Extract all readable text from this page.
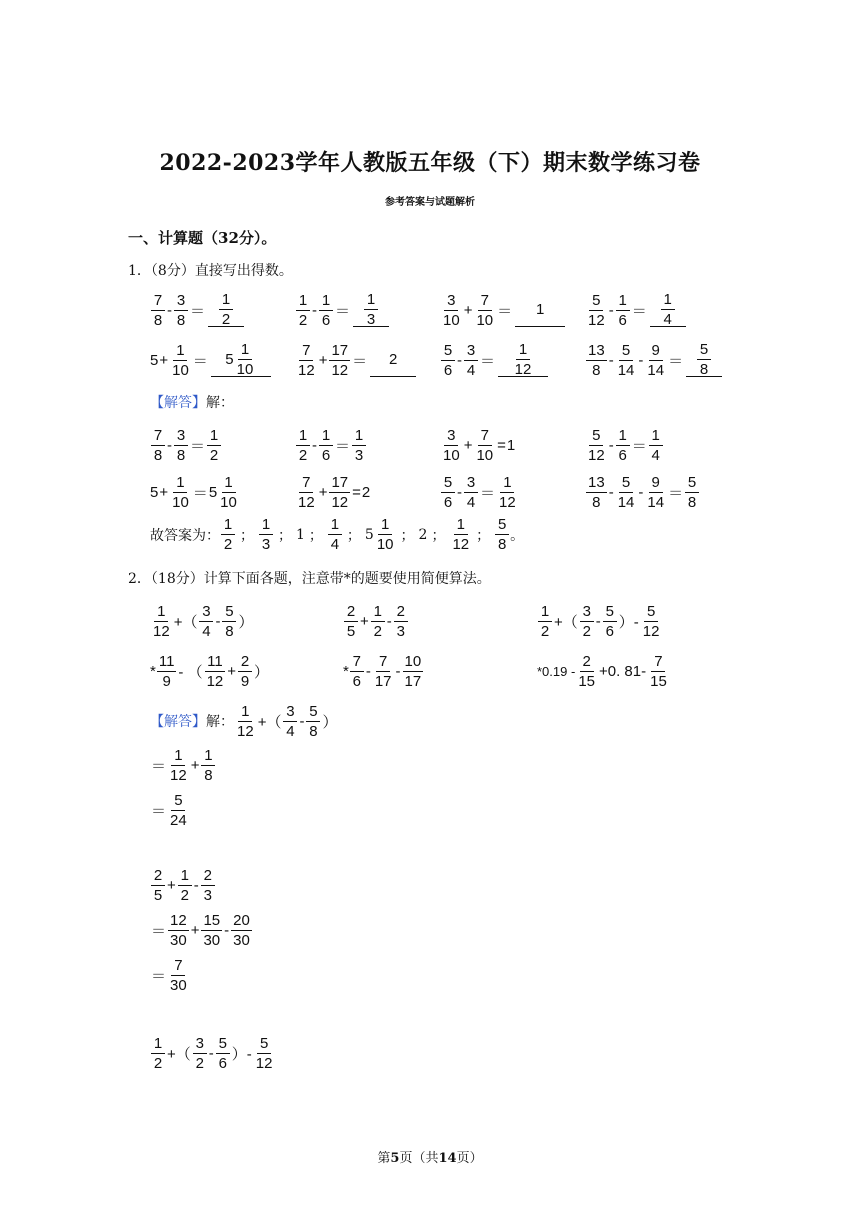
2022-2023学年人教版五年级（下）期末数学练习卷
参考答案与试题解析
一、计算题（32分）。
1．（8分）直接写出得数。
7
8
-
3
8
＝
1
2
1
2
-
1
6
＝
1
3
3
10
+ $\frac{7}{10} = 1$
5
12
-
1
6
＝
1
4
$5 + \frac{1}{10} = 5$
1
10
7
12
+ $\frac{17}{12} = 2$
5
6
-
3
4
＝
1
12
13
8
-
5
14
-
9
14
＝
5
8
【解答】解：
7
8
-
3
8
＝
1
2
1
2
-
1
6
＝
1
3
3
10
+ $\frac{7}{10} = 1$
5
12
-
1
6
＝
1
4
$5 + \frac{1}{10} = 5$
1
10
7
12
+ $\frac{17}{12} = 2$
5
6
-
3
4
＝
1
12
13
8
-
5
14
-
9
14
＝
5
8
故答案为：
1
2
；
1
3
； 1 ；
1
4
； 5
1
10
； 2 ；
1
12
；
5
8
。
2．（18分）计算下面各题，注意带*的题要使用简便算法。
1
12
+（
3
4
-
5
8
）
2
5
+ $\frac{1}{2}$ -
2
3
1
2
+（
3
2
-
5
6
）-
5
12
*
11
9
- （
11
12
+ $\frac{2}{9}$ ）	*
7
6
-
7
17
-
10
17
*0.19 -
2
15
+0. 81-
7
15
【解答】 解：
1
12
+（
3
4
-
5
8
）
＝
1
12
+ $\frac{1}{8}$
＝
5
24
2
5
+ $\frac{1}{2}$ -
2
3
＝
12
30
+ $\frac{15}{30}$ -
20
30
＝
7
30
1
2
+（
3
2
-
5
6
）-
5
12
第5页（共14页）
